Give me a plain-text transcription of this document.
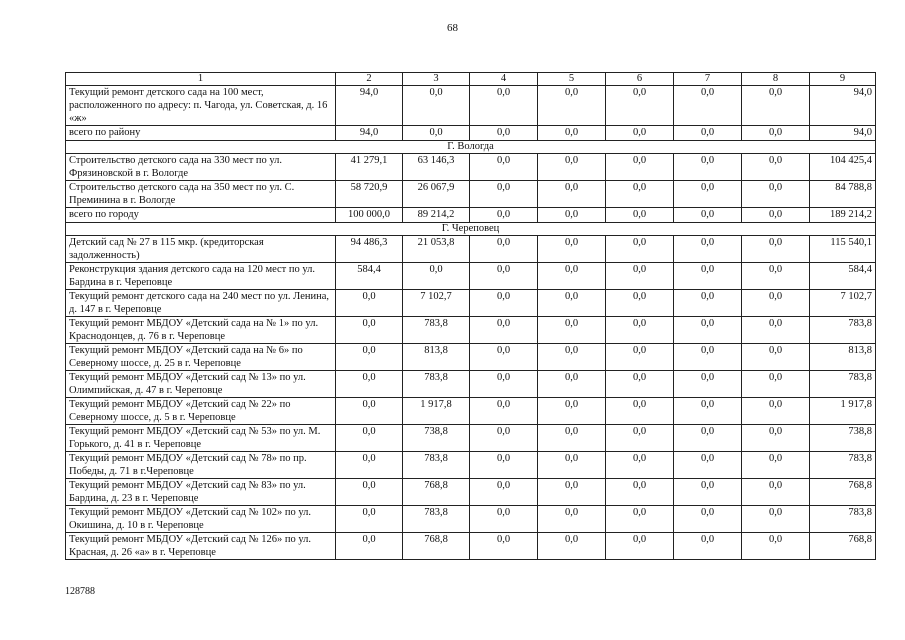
68
1	2	3	4	5	6	7	8	9
Текущий ремонт детского сада на 100 мест, расположенного по адресу: п. Чагода, ул. Советская, д. 16 «ж»	94,0	0,0	0,0	0,0	0,0	0,0	0,0	94,0
всего по району	94,0	0,0	0,0	0,0	0,0	0,0	0,0	94,0
Г. Вологда								
Строительство детского сада на 330 мест по ул. Фрязиновской в г. Вологде	41 279,1	63 146,3	0,0	0,0	0,0	0,0	0,0	104 425,4
Строительство детского сада на 350 мест по ул. С. Преминина в г. Вологде	58 720,9	26 067,9	0,0	0,0	0,0	0,0	0,0	84 788,8
всего по городу	100 000,0	89 214,2	0,0	0,0	0,0	0,0	0,0	189 214,2
Г. Череповец								
Детский сад № 27 в 115 мкр. (кредиторская задолженность)	94 486,3	21 053,8	0,0	0,0	0,0	0,0	0,0	115 540,1
Реконструкция здания детского сада на 120 мест по ул. Бардина в г. Череповце	584,4	0,0	0,0	0,0	0,0	0,0	0,0	584,4
Текущий ремонт детского сада на 240 мест по ул. Ленина, д. 147 в г. Череповце	0,0	7 102,7	0,0	0,0	0,0	0,0	0,0	7 102,7
Текущий ремонт МБДОУ «Детский сада на № 1» по ул. Краснодонцев, д. 76 в г. Череповце	0,0	783,8	0,0	0,0	0,0	0,0	0,0	783,8
Текущий ремонт МБДОУ «Детский сада на № 6» по Северному шоссе, д. 25 в г. Череповце	0,0	813,8	0,0	0,0	0,0	0,0	0,0	813,8
Текущий ремонт МБДОУ «Детский сад № 13» по ул. Олимпийская, д. 47 в г. Череповце	0,0	783,8	0,0	0,0	0,0	0,0	0,0	783,8
Текущий ремонт МБДОУ «Детский сад № 22» по Северному шоссе, д. 5 в г. Череповце	0,0	1 917,8	0,0	0,0	0,0	0,0	0,0	1 917,8
Текущий ремонт МБДОУ «Детский сад № 53» по ул. М. Горького, д. 41 в г. Череповце	0,0	738,8	0,0	0,0	0,0	0,0	0,0	738,8
Текущий ремонт МБДОУ «Детский сад № 78» по пр. Победы, д. 71 в г.Череповце	0,0	783,8	0,0	0,0	0,0	0,0	0,0	783,8
Текущий ремонт МБДОУ «Детский сад № 83» по ул. Бардина, д. 23 в г. Череповце	0,0	768,8	0,0	0,0	0,0	0,0	0,0	768,8
Текущий ремонт МБДОУ «Детский сад № 102» по ул. Окишина, д. 10 в г. Череповце	0,0	783,8	0,0	0,0	0,0	0,0	0,0	783,8
Текущий ремонт МБДОУ «Детский сад № 126» по ул. Красная, д. 26 «а» в г. Череповце	0,0	768,8	0,0	0,0	0,0	0,0	0,0	768,8
128788
